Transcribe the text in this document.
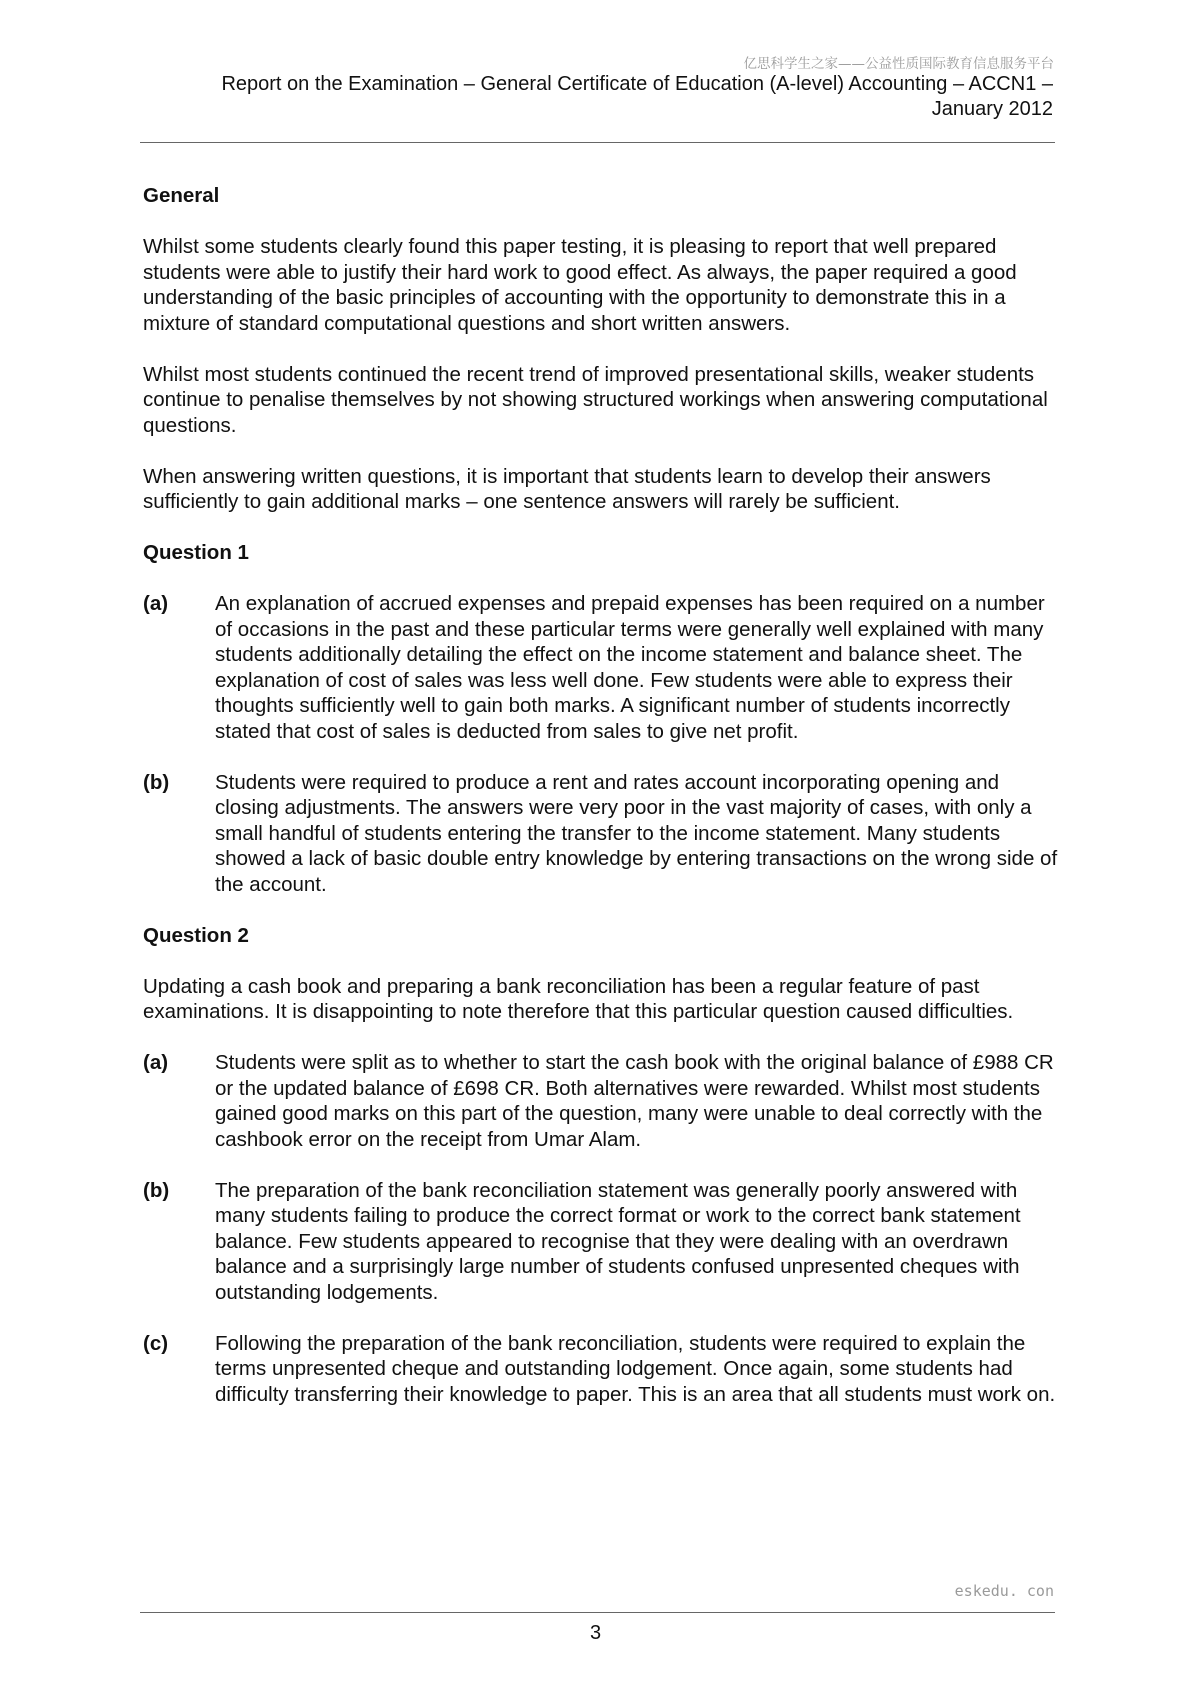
亿思科学生之家——公益性质国际教育信息服务平台
Report on the Examination – General Certificate of Education (A-level) Accounting – ACCN1 –
January 2012
General

Whilst some students clearly found this paper testing, it is pleasing to report that well prepared students were able to justify their hard work to good effect. As always, the paper required a good understanding of the basic principles of accounting with the opportunity to demonstrate this in a mixture of standard computational questions and short written answers.

Whilst most students continued the recent trend of improved presentational skills, weaker students continue to penalise themselves by not showing structured workings when answering computational questions.

When answering written questions, it is important that students learn to develop their answers sufficiently to gain additional marks – one sentence answers will rarely be sufficient.

Question 1
(a) An explanation of accrued expenses and prepaid expenses has been required on a number of occasions in the past and these particular terms were generally well explained with many students additionally detailing the effect on the income statement and balance sheet. The explanation of cost of sales was less well done. Few students were able to express their thoughts sufficiently well to gain both marks. A significant number of students incorrectly stated that cost of sales is deducted from sales to give net profit.
(b) Students were required to produce a rent and rates account incorporating opening and closing adjustments. The answers were very poor in the vast majority of cases, with only a small handful of students entering the transfer to the income statement. Many students showed a lack of basic double entry knowledge by entering transactions on the wrong side of the account.
Question 2

Updating a cash book and preparing a bank reconciliation has been a regular feature of past examinations. It is disappointing to note therefore that this particular question caused difficulties.

(a) Students were split as to whether to start the cash book with the original balance of £988 CR or the updated balance of £698 CR. Both alternatives were rewarded. Whilst most students gained good marks on this part of the question, many were unable to deal correctly with the cashbook error on the receipt from Umar Alam.
(b) The preparation of the bank reconciliation statement was generally poorly answered with many students failing to produce the correct format or work to the correct bank statement balance. Few students appeared to recognise that they were dealing with an overdrawn balance and a surprisingly large number of students confused unpresented cheques with outstanding lodgements.
(c) Following the preparation of the bank reconciliation, students were required to explain the terms unpresented cheque and outstanding lodgement. Once again, some students had difficulty transferring their knowledge to paper. This is an area that all students must work on.
eskedu. con
3
